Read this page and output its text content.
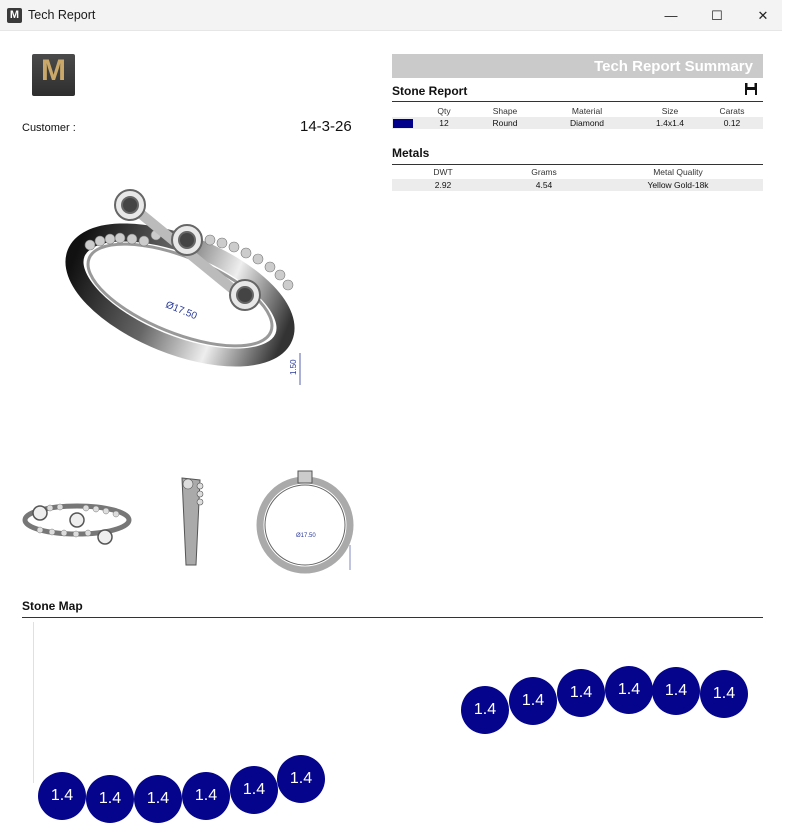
M Tech Report	—	☐	✕
M
Customer :	14-3-26
Ø17.50
1.50
Ø17.50
Tech Report Summary
Stone Report
Qty	Shape	Material	Size	Carats
12	Round	Diamond	1.4x1.4	0.12
Metals
DWT	Grams	Metal Quality
2.92	4.54	Yellow Gold-18k
Stone Map
1.4
1.4	1.4	1.4	1.4	1.4
1.4	1.4	1.4	1.4	1.4
1.4
